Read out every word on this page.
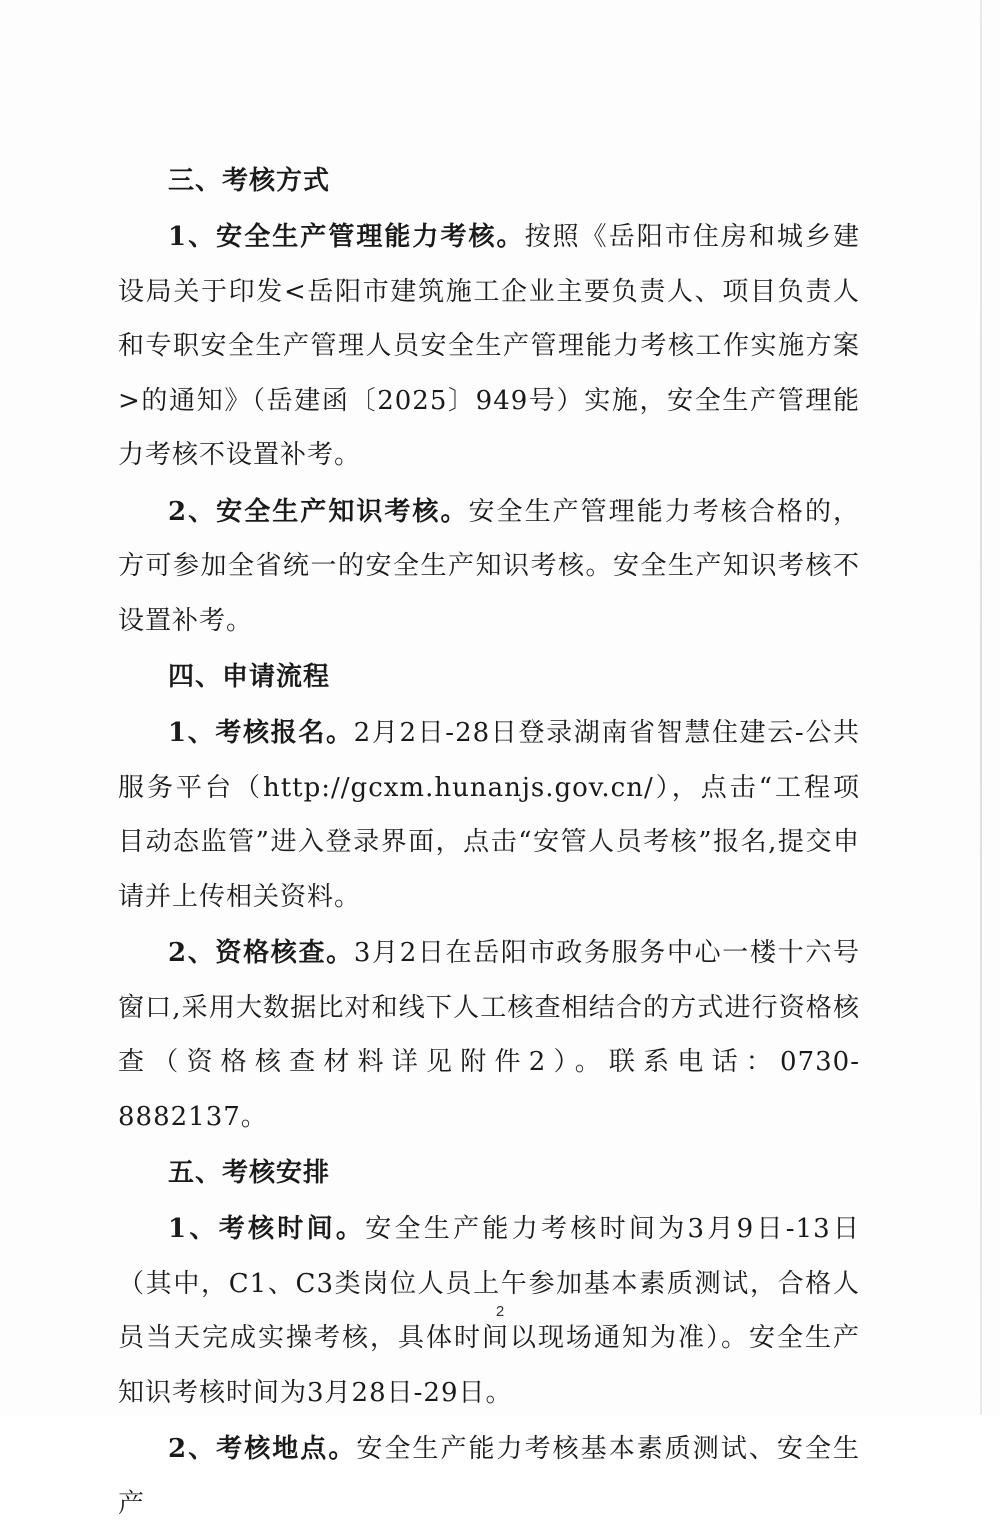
三、考核方式

1、安全生产管理能力考核。按照《岳阳市住房和城乡建设局关于印发<岳阳市建筑施工企业主要负责人、项目负责人和专职安全生产管理人员安全生产管理能力考核工作实施方案>的通知》（岳建函〔2025〕949号）实施，安全生产管理能力考核不设置补考。

2、安全生产知识考核。安全生产管理能力考核合格的，方可参加全省统一的安全生产知识考核。安全生产知识考核不设置补考。

四、申请流程

1、考核报名。2月2日-28日登录湖南省智慧住建云-公共服务平台（http://gcxm.hunanjs.gov.cn/），点击“工程项目动态监管”进入登录界面，点击“安管人员考核”报名,提交申请并上传相关资料。

2、资格核查。3月2日在岳阳市政务服务中心一楼十六号窗口,采用大数据比对和线下人工核查相结合的方式进行资格核查（资格核查材料详见附件2）。联系电话：0730-8882137。

五、考核安排

1、考核时间。安全生产能力考核时间为3月9日-13日（其中，C1、C3类岗位人员上午参加基本素质测试，合格人员当天完成实操考核，具体时间以现场通知为准）。安全生产知识考核时间为3月28日-29日。

2、考核地点。安全生产能力考核基本素质测试、安全生产

2
